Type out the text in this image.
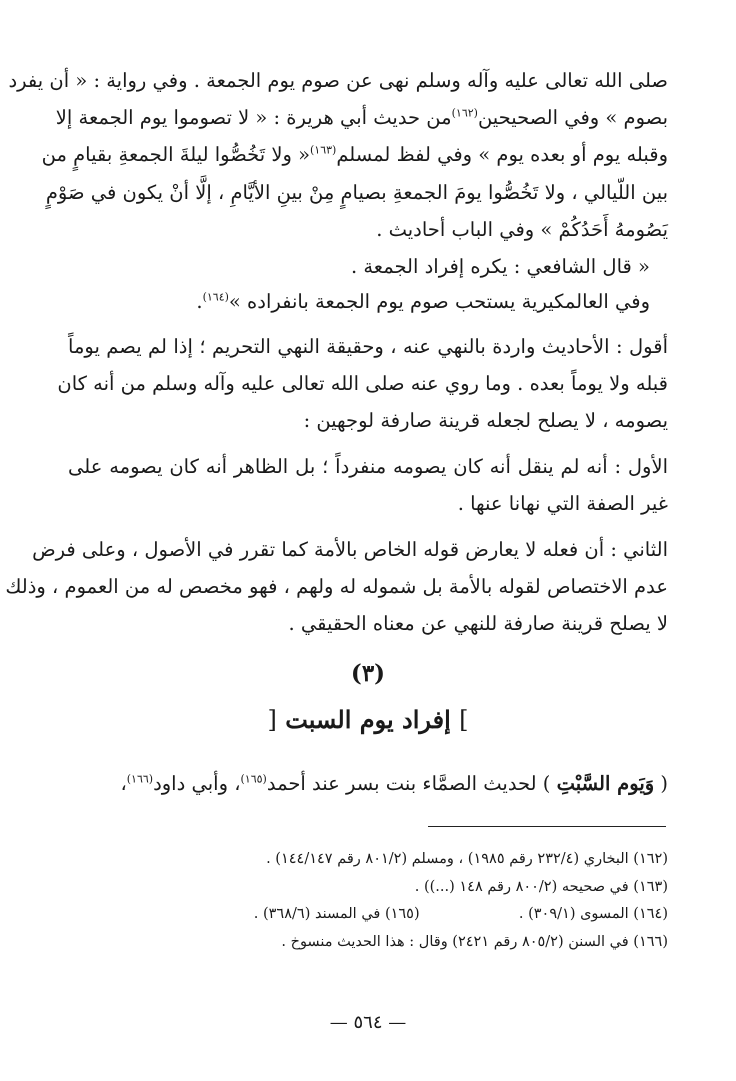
صلى الله تعالى عليه وآله وسلم نهى عن صوم يوم الجمعة . وفي رواية : « أن يفرد
بصوم » وفي الصحيحين$^{(١٦٢)}$من حديث أبي هريرة : « لا تصوموا يوم الجمعة إلا
وقبله يوم أو بعده يوم » وفي لفظ لمسلم$^{(١٦٣)}$« ولا تَخُصُّوا ليلةَ الجمعةِ بقيامٍ من
بين اللّيالي ، ولا تَخُصُّوا يومَ الجمعةِ بصيامٍ مِنْ بينِ الأيَّامِ ، إلَّا أنْ يكون في صَوْمٍ
يَصُومهُ أَحَدُكُمْ » وفي الباب أحاديث .
« قال الشافعي : يكره إفراد الجمعة .
وفي العالمكيرية يستحب صوم يوم الجمعة بانفراده »$^{(١٦٤)}$.
أقول : الأحاديث واردة بالنهي عنه ، وحقيقة النهي التحريم ؛ إذا لم يصم يوماً
قبله ولا يوماً بعده . وما روي عنه صلى الله تعالى عليه وآله وسلم من أنه كان
يصومه ، لا يصلح لجعله قرينة صارفة لوجهين :
الأول : أنه لم ينقل أنه كان يصومه منفرداً ؛ بل الظاهر أنه كان يصومه على
غير الصفة التي نهانا عنها .
الثاني : أن فعله لا يعارض قوله الخاص بالأمة كما تقرر في الأصول ، وعلى فرض
عدم الاختصاص لقوله بالأمة بل شموله له ولهم ، فهو مخصص له من العموم ، وذلك
لا يصلح قرينة صارفة للنهي عن معناه الحقيقي .
(٣)
] إفراد يوم السبت [
( وَيَوم السَّبْتِ ) لحديث الصمَّاء بنت بسر عند أحمد$^{(١٦٥)}$، وأبي داود$^{(١٦٦)}$،
(١٦٢) البخاري (٢٣٢/٤ رقم ١٩٨٥) ، ومسلم (٨٠١/٢ رقم ١٤٤/١٤٧) .
(١٦٣) في صحيحه (٨٠٠/٢ رقم ١٤٨ (...)) .
(١٦٤) المسوى (٣٠٩/١) .  (١٦٥) في المسند (٣٦٨/٦) .
(١٦٦) في السنن (٨٠٥/٢ رقم ٢٤٢١) وقال : هذا الحديث منسوخ .
— ٥٦٤ —
